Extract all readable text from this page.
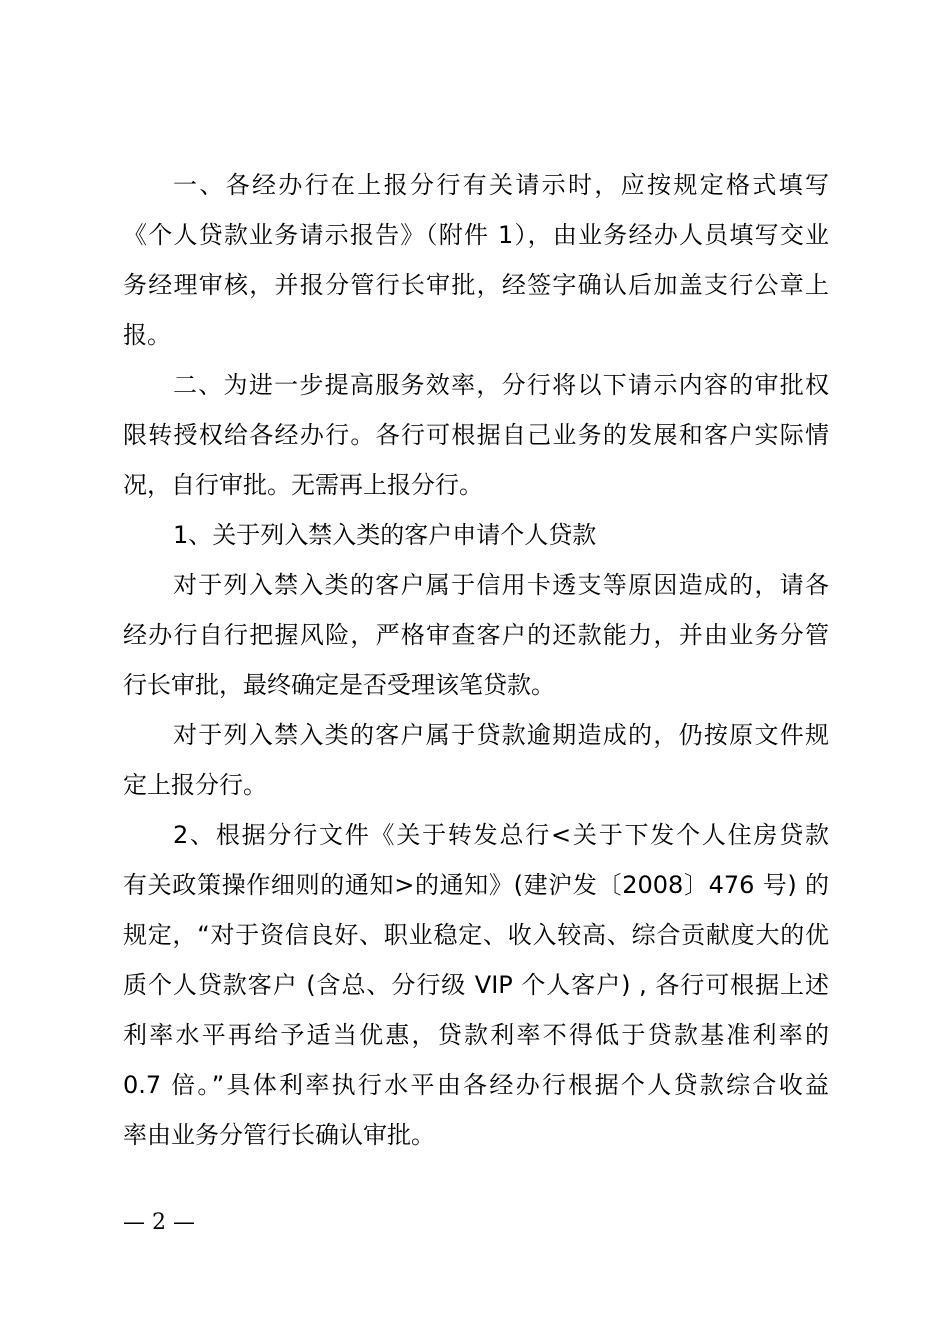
一、各经办行在上报分行有关请示时，应按规定格式填写
《个人贷款业务请示报告》（附件 1），由业务经办人员填写交业
务经理审核，并报分管行长审批，经签字确认后加盖支行公章上
报。
二、为进一步提高服务效率，分行将以下请示内容的审批权
限转授权给各经办行。各行可根据自己业务的发展和客户实际情
况，自行审批。无需再上报分行。
1、关于列入禁入类的客户申请个人贷款
对于列入禁入类的客户属于信用卡透支等原因造成的，请各
经办行自行把握风险，严格审查客户的还款能力，并由业务分管
行长审批，最终确定是否受理该笔贷款。
对于列入禁入类的客户属于贷款逾期造成的，仍按原文件规
定上报分行。
2、根据分行文件《关于转发总行<关于下发个人住房贷款
有关政策操作细则的通知>的通知》(建沪发〔2008〕476 号) 的
规定，“对于资信良好、职业稳定、收入较高、综合贡献度大的优
质个人贷款客户 (含总、分行级 VIP 个人客户) , 各行可根据上述
利率水平再给予适当优惠，贷款利率不得低于贷款基准利率的
0.7 倍。”具体利率执行水平由各经办行根据个人贷款综合收益
率由业务分管行长确认审批。
— 2 —
